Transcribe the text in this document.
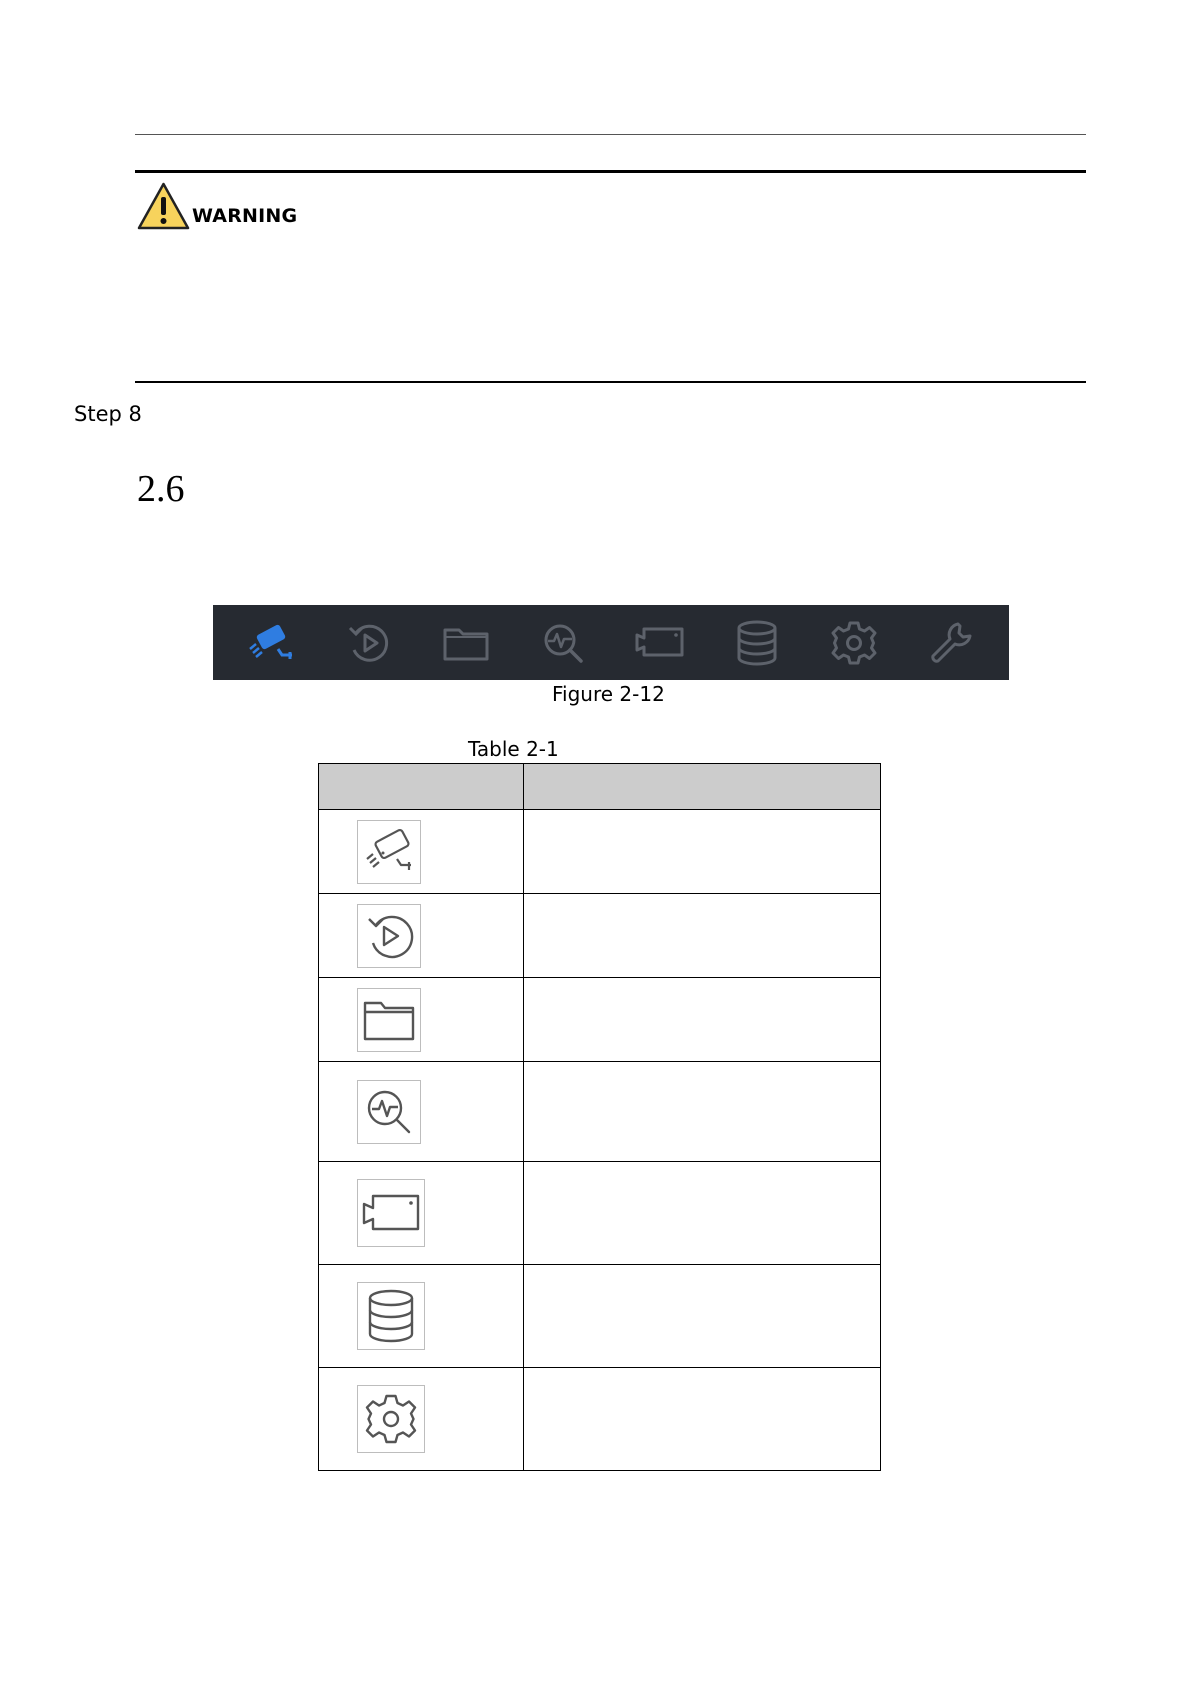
WARNING
Step 8
2.6
Figure 2-12
Table 2-1
